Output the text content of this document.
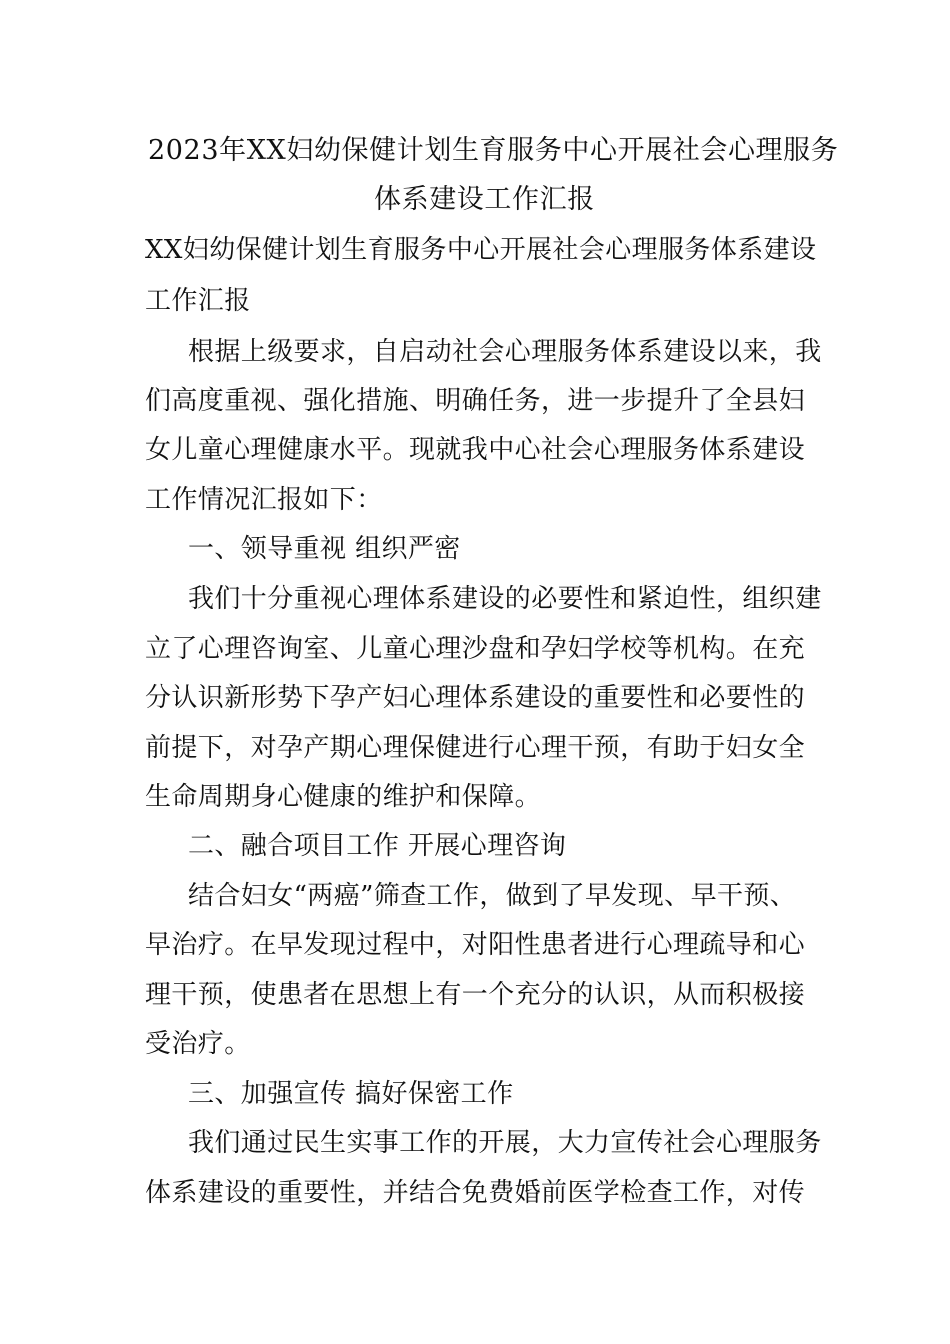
2023年XX妇幼保健计划生育服务中心开展社会心理服务
体系建设工作汇报
XX妇幼保健计划生育服务中心开展社会心理服务体系建设
工作汇报
根据上级要求，自启动社会心理服务体系建设以来，我
们高度重视、强化措施、明确任务，进一步提升了全县妇
女儿童心理健康水平。现就我中心社会心理服务体系建设
工作情况汇报如下：
一、领导重视 组织严密
我们十分重视心理体系建设的必要性和紧迫性，组织建
立了心理咨询室、儿童心理沙盘和孕妇学校等机构。在充
分认识新形势下孕产妇心理体系建设的重要性和必要性的
前提下，对孕产期心理保健进行心理干预，有助于妇女全
生命周期身心健康的维护和保障。
二、融合项目工作 开展心理咨询
结合妇女“两癌”筛查工作，做到了早发现、早干预、
早治疗。在早发现过程中，对阳性患者进行心理疏导和心
理干预，使患者在思想上有一个充分的认识，从而积极接
受治疗。
三、加强宣传 搞好保密工作
我们通过民生实事工作的开展，大力宣传社会心理服务
体系建设的重要性，并结合免费婚前医学检查工作，对传
